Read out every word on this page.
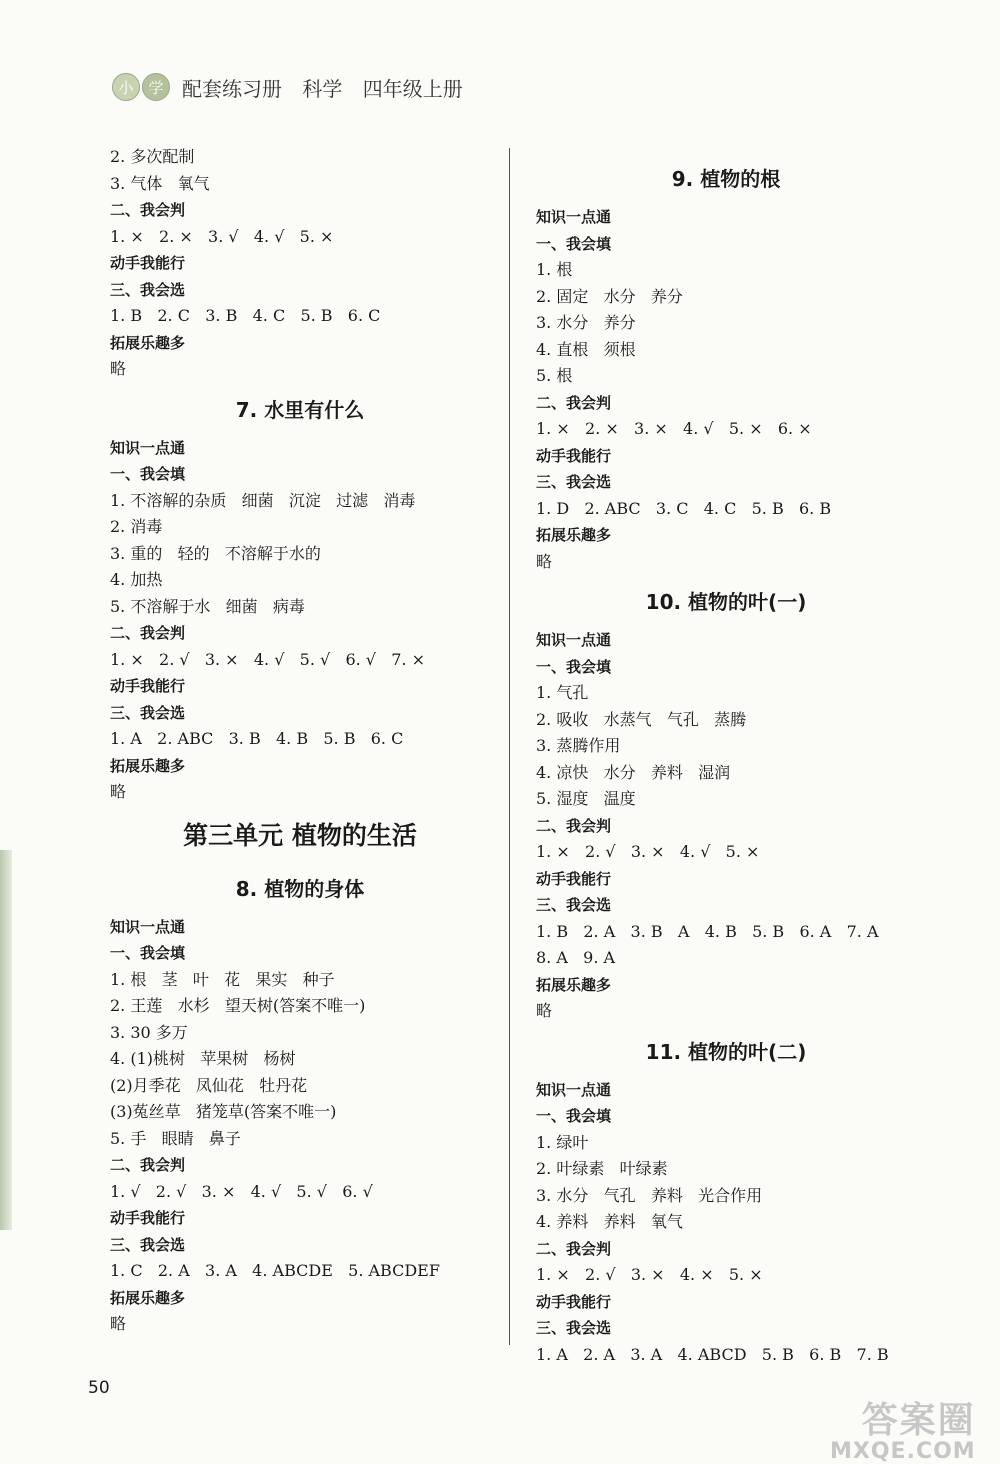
小 学 配套练习册 科学 四年级上册
2. 多次配制
3. 气体   氧气
二、我会判
1. ×   2. ×   3. √   4. √   5. ×
动手我能行
三、我会选
1. B   2. C   3. B   4. C   5. B   6. C
拓展乐趣多
略
7. 水里有什么
知识一点通
一、我会填
1. 不溶解的杂质   细菌   沉淀   过滤   消毒
2. 消毒
3. 重的   轻的   不溶解于水的
4. 加热
5. 不溶解于水   细菌   病毒
二、我会判
1. ×   2. √   3. ×   4. √   5. √   6. √   7. ×
动手我能行
三、我会选
1. A   2. ABC   3. B   4. B   5. B   6. C
拓展乐趣多
略
第三单元 植物的生活
8. 植物的身体
知识一点通
一、我会填
1. 根   茎   叶   花   果实   种子
2. 王莲   水杉   望天树(答案不唯一)
3. 30 多万
4. (1)桃树   苹果树   杨树
(2)月季花   凤仙花   牡丹花
(3)菟丝草   猪笼草(答案不唯一)
5. 手   眼睛   鼻子
二、我会判
1. √   2. √   3. ×   4. √   5. √   6. √
动手我能行
三、我会选
1. C   2. A   3. A   4. ABCDE   5. ABCDEF
拓展乐趣多
略
9. 植物的根
知识一点通
一、我会填
1. 根
2. 固定   水分   养分
3. 水分   养分
4. 直根   须根
5. 根
二、我会判
1. ×   2. ×   3. ×   4. √   5. ×   6. ×
动手我能行
三、我会选
1. D   2. ABC   3. C   4. C   5. B   6. B
拓展乐趣多
略
10. 植物的叶(一)
知识一点通
一、我会填
1. 气孔
2. 吸收   水蒸气   气孔   蒸腾
3. 蒸腾作用
4. 凉快   水分   养料   湿润
5. 湿度   温度
二、我会判
1. ×   2. √   3. ×   4. √   5. ×
动手我能行
三、我会选
1. B   2. A   3. B   A   4. B   5. B   6. A   7. A
8. A   9. A
拓展乐趣多
略
11. 植物的叶(二)
知识一点通
一、我会填
1. 绿叶
2. 叶绿素   叶绿素
3. 水分   气孔   养料   光合作用
4. 养料   养料   氧气
二、我会判
1. ×   2. √   3. ×   4. ×   5. ×
动手我能行
三、我会选
1. A   2. A   3. A   4. ABCD   5. B   6. B   7. B
50
答案圈
MXQE.COM
